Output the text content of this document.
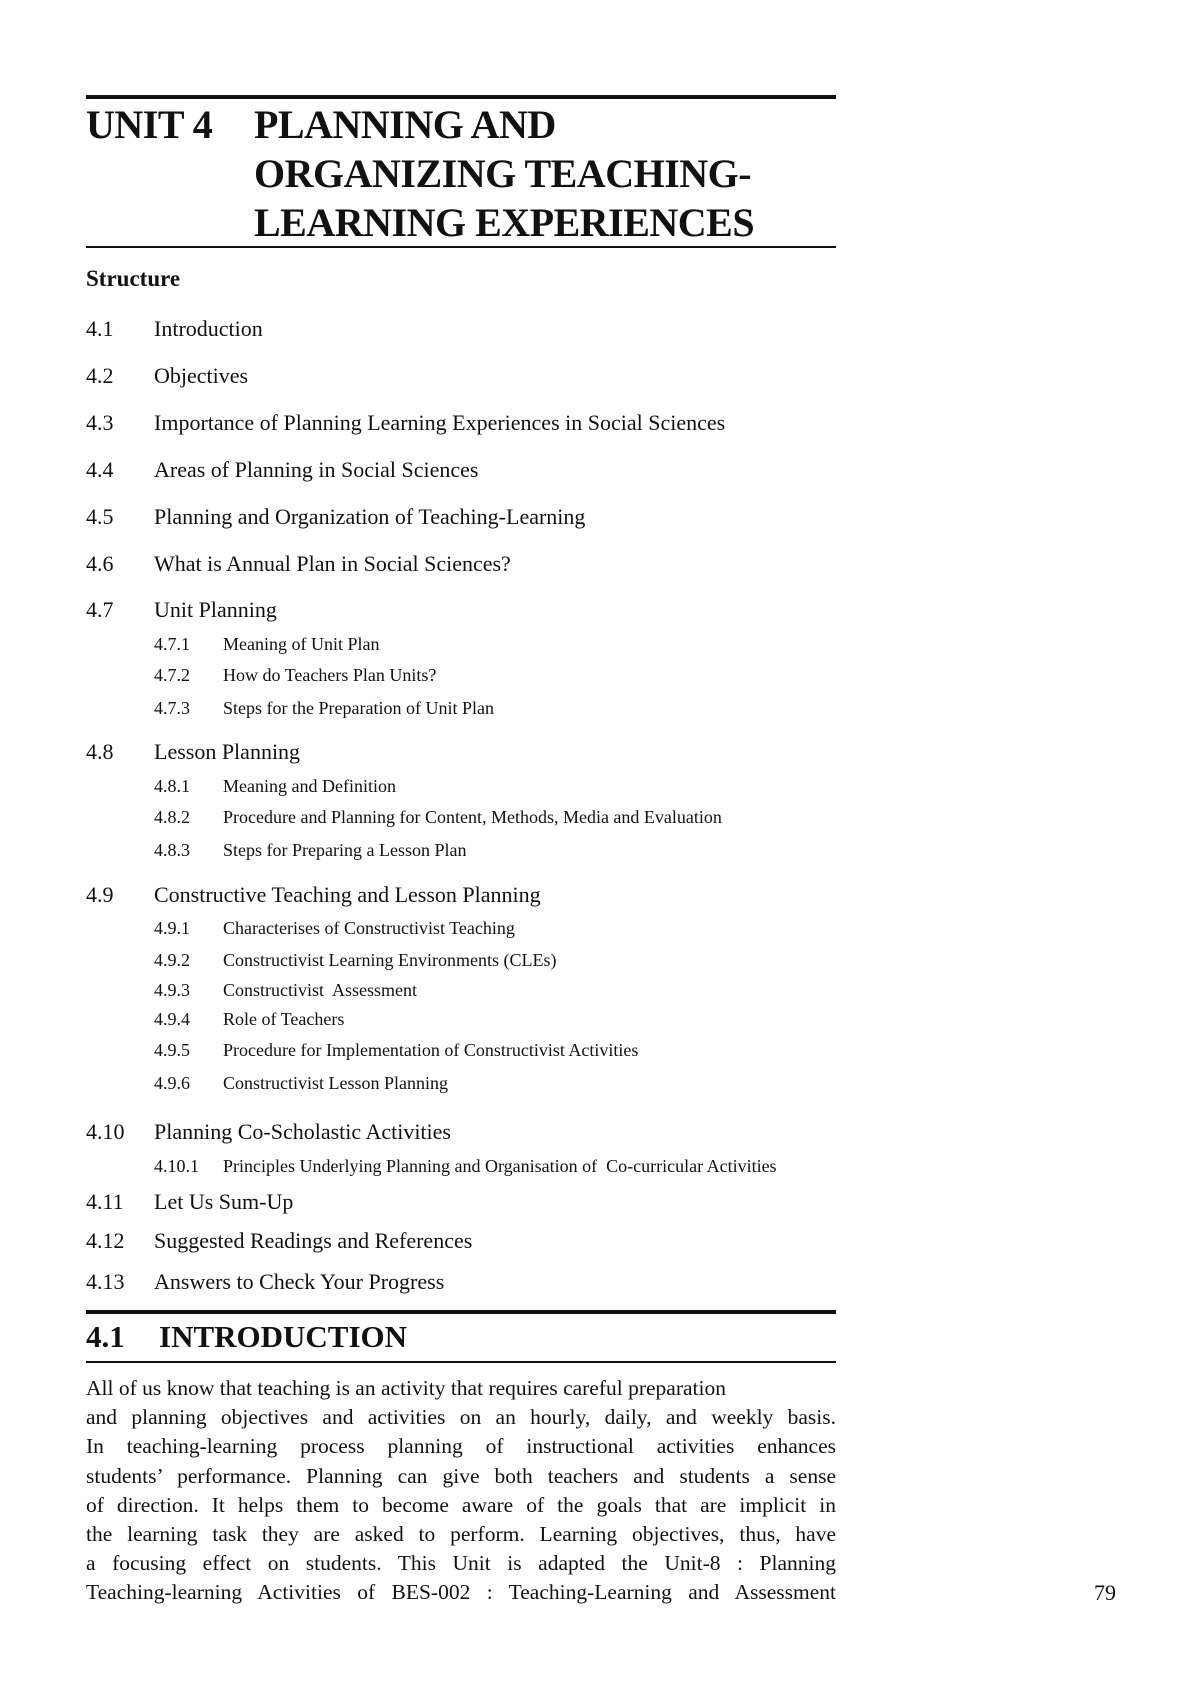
UNIT 4 PLANNING AND
ORGANIZING TEACHING-
LEARNING EXPERIENCES
Structure
4.1 Introduction
4.2 Objectives
4.3 Importance of Planning Learning Experiences in Social Sciences
4.4 Areas of Planning in Social Sciences
4.5 Planning and Organization of Teaching-Learning
4.6 What is Annual Plan in Social Sciences?
4.7 Unit Planning
4.7.1 Meaning of Unit Plan
4.7.2 How do Teachers Plan Units?
4.7.3 Steps for the Preparation of Unit Plan
4.8 Lesson Planning
4.8.1 Meaning and Definition
4.8.2 Procedure and Planning for Content, Methods, Media and Evaluation
4.8.3 Steps for Preparing a Lesson Plan
4.9 Constructive Teaching and Lesson Planning
4.9.1 Characterises of Constructivist Teaching
4.9.2 Constructivist Learning Environments (CLEs)
4.9.3 Constructivist  Assessment
4.9.4 Role of Teachers
4.9.5 Procedure for Implementation of Constructivist Activities
4.9.6 Constructivist Lesson Planning
4.10 Planning Co-Scholastic Activities
4.10.1 Principles Underlying Planning and Organisation of  Co-curricular Activities
4.11 Let Us Sum-Up
4.12 Suggested Readings and References
4.13 Answers to Check Your Progress
4.1 INTRODUCTION
All of us know that teaching is an activity that requires careful preparation
and planning objectives and activities on an hourly, daily, and weekly basis.
In teaching-learning process planning of instructional activities enhances
students’ performance. Planning can give both teachers and students a sense
of direction. It helps them to become aware of the goals that are implicit in
the learning task they are asked to perform. Learning objectives, thus, have
a focusing effect on students. This Unit is adapted the Unit-8 : Planning
Teaching-learning Activities of BES-002 : Teaching-Learning and Assessment	79
